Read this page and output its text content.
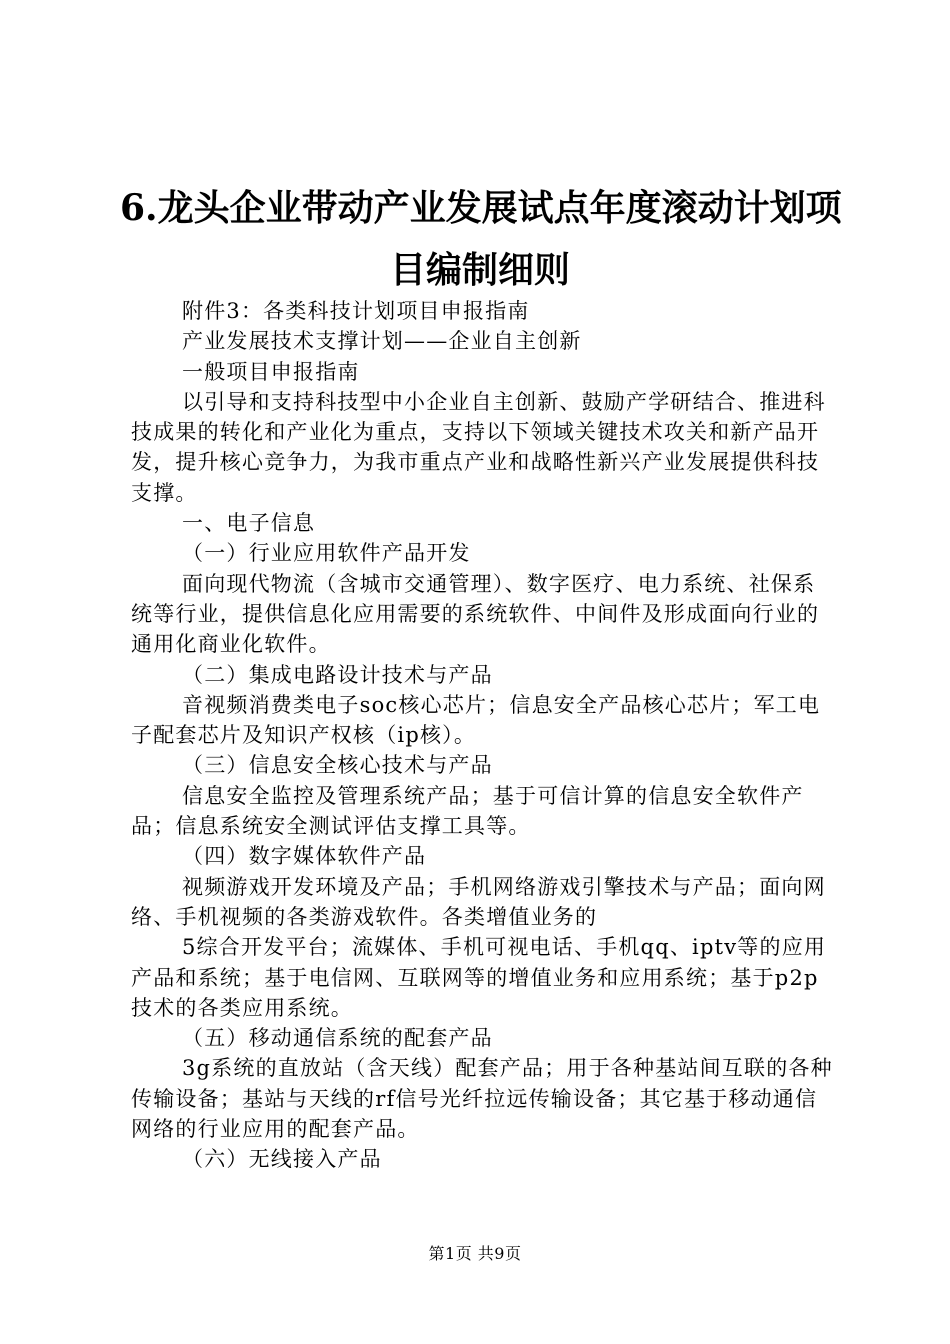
6.龙头企业带动产业发展试点年度滚动计划项
目编制细则

附件3：各类科技计划项目申报指南

产业发展技术支撑计划——企业自主创新

一般项目申报指南

以引导和支持科技型中小企业自主创新、鼓励产学研结合、推进科技成果的转化和产业化为重点，支持以下领域关键技术攻关和新产品开发，提升核心竞争力，为我市重点产业和战略性新兴产业发展提供科技支撑。

一、电子信息

（一）行业应用软件产品开发

面向现代物流（含城市交通管理）、数字医疗、电力系统、社保系统等行业，提供信息化应用需要的系统软件、中间件及形成面向行业的通用化商业化软件。

（二）集成电路设计技术与产品

音视频消费类电子soc核心芯片；信息安全产品核心芯片；军工电子配套芯片及知识产权核（ip核）。

（三）信息安全核心技术与产品

信息安全监控及管理系统产品；基于可信计算的信息安全软件产品；信息系统安全测试评估支撑工具等。

（四）数字媒体软件产品

视频游戏开发环境及产品；手机网络游戏引擎技术与产品；面向网络、手机视频的各类游戏软件。各类增值业务的

5综合开发平台；流媒体、手机可视电话、手机qq、iptv等的应用产品和系统；基于电信网、互联网等的增值业务和应用系统；基于p2p技术的各类应用系统。

（五）移动通信系统的配套产品

3g系统的直放站（含天线）配套产品；用于各种基站间互联的各种传输设备；基站与天线的rf信号光纤拉远传输设备；其它基于移动通信网络的行业应用的配套产品。

（六）无线接入产品

第1页 共9页
